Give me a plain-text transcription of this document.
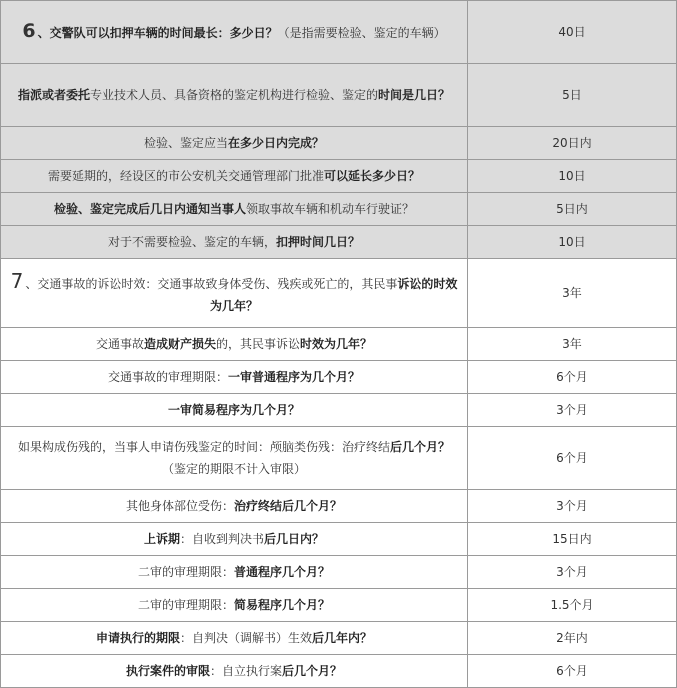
6 、交警队可以扣押车辆的时间最长：多少日？（是指需要检验、鉴定的车辆）	40日
指派或者委托专业技术人员、具备资格的鉴定机构进行检验、鉴定的时间是几日？	5日
检验、鉴定应当在多少日内完成？	20日内
需要延期的，经设区的市公安机关交通管理部门批准可以延长多少日？	10日
检验、鉴定完成后几日内通知当事人领取事故车辆和机动车行驶证？	5日内
对于不需要检验、鉴定的车辆，扣押时间几日？	10日
7 、交通事故的诉讼时效：交通事故致身体受伤、残疾或死亡的，其民事诉讼的时效为几年？	3年
交通事故造成财产损失的，其民事诉讼时效为几年？	3年
交通事故的审理期限：一审普通程序为几个月？	6个月
一审简易程序为几个月？	3个月
如果构成伤残的，当事人申请伤残鉴定的时间：颅脑类伤残：治疗终结后几个月？（鉴定的期限不计入审限）	6个月
其他身体部位受伤：治疗终结后几个月？	3个月
上诉期：自收到判决书后几日内？	15日内
二审的审理期限：普通程序几个月？	3个月
二审的审理期限：简易程序几个月？	1.5个月
申请执行的期限：自判决（调解书）生效后几年内？	2年内
执行案件的审限：自立执行案后几个月？	6个月
